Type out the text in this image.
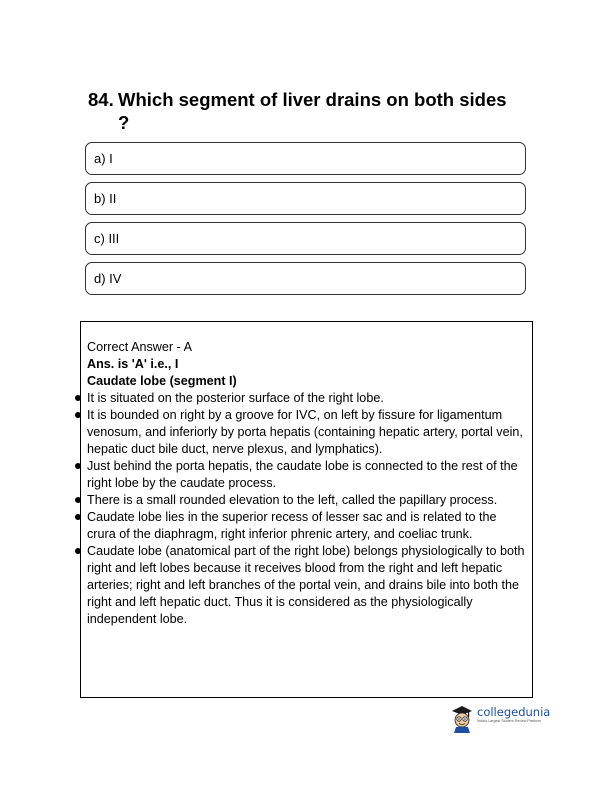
84. Which segment of liver drains on both sides ?
a) I
b) II
c) III
d) IV
Correct Answer - A
Ans. is 'A' i.e., I
Caudate lobe (segment I)
It is situated on the posterior surface of the right lobe.
It is bounded on right by a groove for IVC, on left by fissure for ligamentum venosum, and inferiorly by porta hepatis (containing hepatic artery, portal vein, hepatic duct bile duct, nerve plexus, and lymphatics).
Just behind the porta hepatis, the caudate lobe is connected to the rest of the right lobe by the caudate process.
There is a small rounded elevation to the left, called the papillary process.
Caudate lobe lies in the superior recess of lesser sac and is related to the crura of the diaphragm, right inferior phrenic artery, and coeliac trunk.
Caudate lobe (anatomical part of the right lobe) belongs physiologically to both right and left lobes because it receives blood from the right and left hepatic arteries; right and left branches of the portal vein, and drains bile into both the right and left hepatic duct. Thus it is considered as the physiologically independent lobe.
collegedunia
India's Largest Student Review Platform
